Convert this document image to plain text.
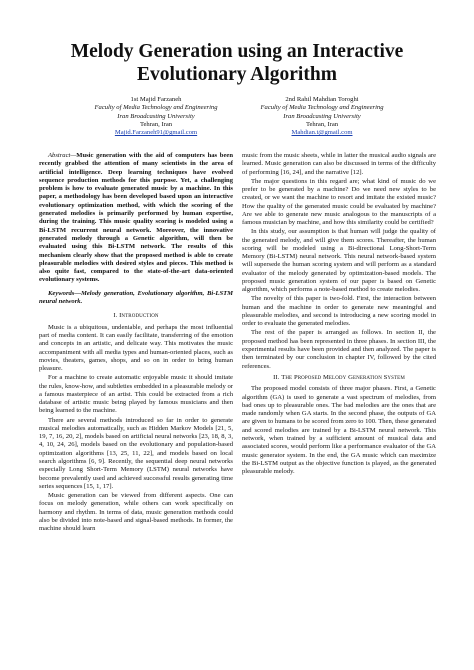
Melody Generation using an Interactive
Evolutionary Algorithm
1st Majid Farzaneh
Faculty of Media Technology and Engineering
Iran Broadcasting University
Tehran, Iran
Majid.Farzaneh91@gmail.com
2nd Rahil Mahdian Toroghi
Faculty of Media Technology and Engineering
Iran Broadcasting University
Tehran, Iran
Mahdian.t@gmail.com

Abstract—Music generation with the aid of computers has been recently grabbed the attention of many scientists in the area of artificial intelligence. Deep learning techniques have evolved sequence production methods for this purpose. Yet, a challenging problem is how to evaluate generated music by a machine. In this paper, a methodology has been developed based upon an interactive evolutionary optimization method, with which the scoring of the generated melodies is primarily performed by human expertise, during the training. This music quality scoring is modeled using a Bi-LSTM recurrent neural network. Moreover, the innovative generated melody through a Genetic algorithm, will then be evaluated using this Bi-LSTM network. The results of this mechanism clearly show that the proposed method is able to create pleasurable melodies with desired styles and pieces. This method is also quite fast, compared to the state-of-the-art data-oriented evolutionary systems.

Keywords—Melody generation, Evolutionary algorithm, Bi-LSTM neural network.

I. Introduction

Music is a ubiquitous, undeniable, and perhaps the most influential part of media content. It can easily facilitate, transferring of the emotion and concepts in an artistic, and delicate way. This motivates the music accompaniment with all media types and human-oriented places, such as movies, theaters, games, shops, and so on in order to bring human pleasure.

For a machine to create automatic enjoyable music it should imitate the rules, know-how, and subtleties embedded in a pleasurable melody or a famous masterpiece of an artist. This could be extracted from a rich database of artistic music being played by famous musicians and then being learned to the machine.

There are several methods introduced so far in order to generate musical melodies automatically, such as Hidden Markov Models [21, 5, 19, 7, 16, 20, 2], models based on artificial neural networks [23, 18, 8, 3, 4, 10, 24, 26], models based on the evolutionary and population-based optimization algorithms [13, 25, 11, 22], and models based on local search algorithms [6, 9]. Recently, the sequential deep neural networks especially Long Short-Term Memory (LSTM) neural networks have become prevalently used and achieved successful results generating time series sequences [15, 1, 17].

Music generation can be viewed from different aspects. One can focus on melody generation, while others can work specifically on harmony and rhythm. In terms of data, music generation methods could also be divided into note-based and signal-based methods. In former, the machine should learn

music from the music sheets, while in latter the musical audio signals are learned. Music generation can also be discussed in terms of the difficulty of performing [16, 24], and the narrative [12].

The major questions in this regard are; what kind of music do we prefer to be generated by a machine? Do we need new styles to be created, or we want the machine to resort and imitate the existed music? How the quality of the generated music could be evaluated by machine? Are we able to generate new music analogous to the manuscripts of a famous musician by machine, and how this similarity could be certified?

In this study, our assumption is that human will judge the quality of the generated melody, and will give them scores. Thereafter, the human scoring will be modeled using a Bi-directional Long-Short-Term Memory (Bi-LSTM) neural network. This neural network-based system will supersede the human scoring system and will perform as a standard evaluator of the melody generated by optimization-based models. The proposed music generation system of our paper is based on Genetic algorithm, which performs a note-based method to create melodies.

The novelty of this paper is two-fold. First, the interaction between human and the machine in order to generate new meaningful and pleasurable melodies, and second is introducing a new scoring model in order to evaluate the generated melodies.

The rest of the paper is arranged as follows. In section II, the proposed method has been represented in three phases. In section III, the experimental results have been provided and then analyzed. The paper is then terminated by our conclusion in chapter IV, followed by the cited references.

II. The Proposed Melody Generation System

The proposed model consists of three major phases. First, a Genetic algorithm (GA) is used to generate a vast spectrum of melodies, from bad ones up to pleasurable ones. The bad melodies are the ones that are made randomly when GA starts. In the second phase, the outputs of GA are given to humans to be scored from zero to 100. Then, these generated and scored melodies are trained by a Bi-LSTM neural network. This network, when trained by a sufficient amount of musical data and associated scores, would perform like a performance evaluator of the GA music generator system. In the end, the GA music which can maximize the Bi-LSTM output as the objective function is played, as the generated pleasurable melody.
